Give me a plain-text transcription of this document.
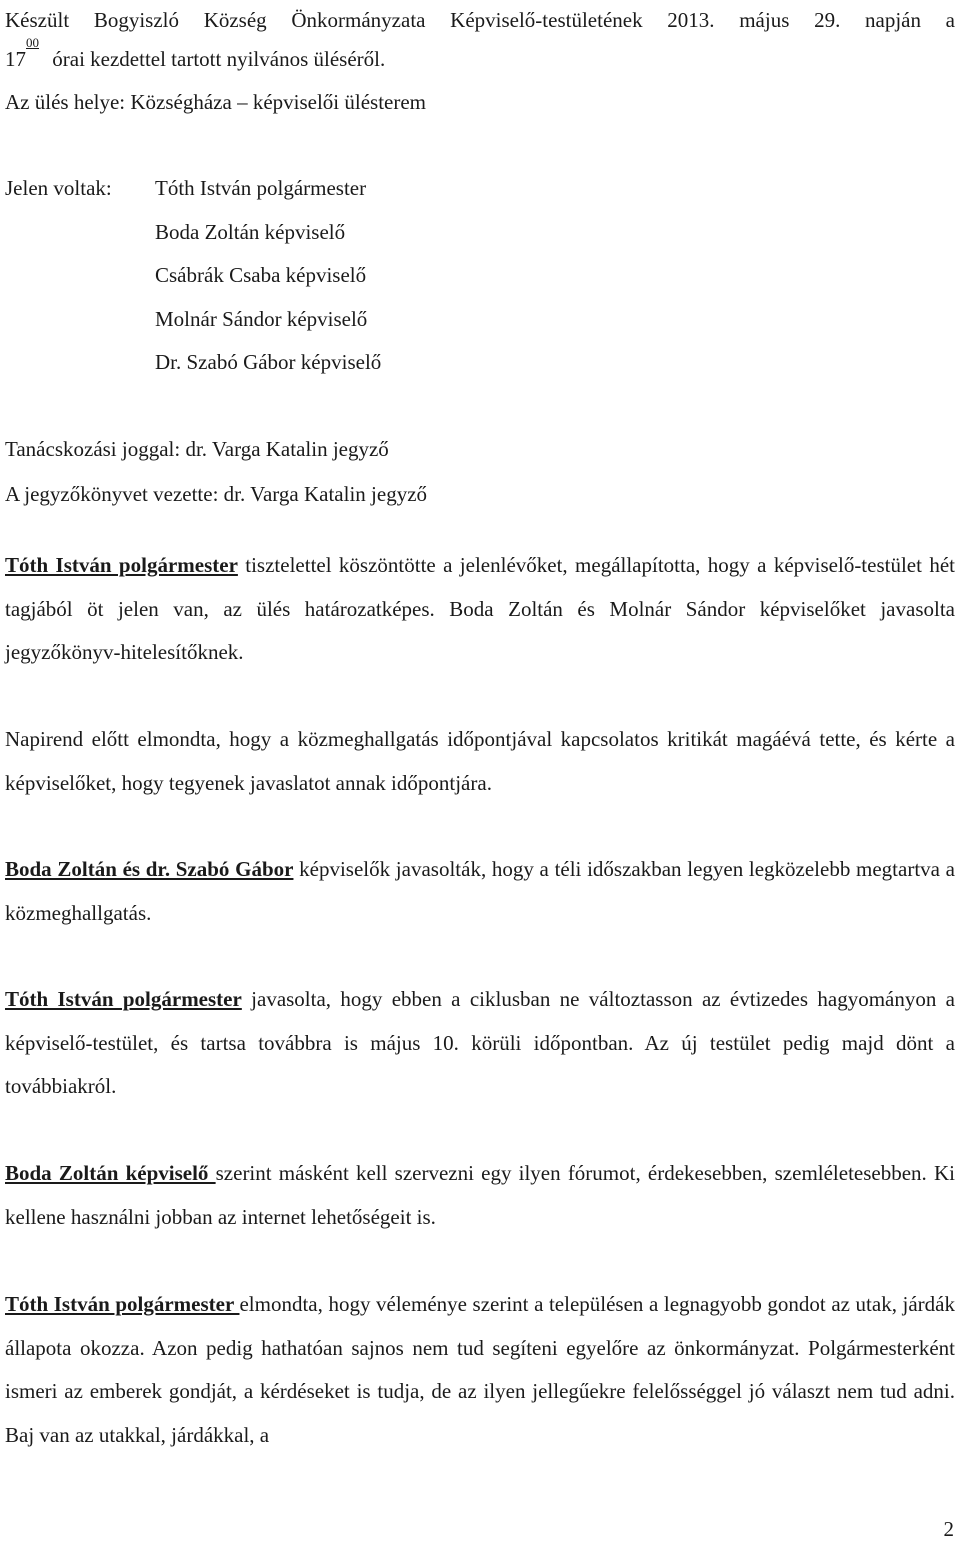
Készült Bogyiszló Község Önkormányzata Képviselő-testületének 2013. május 29. napján a
$17^{00}$ órai kezdettel tartott nyilvános üléséről.
Az ülés helye: Községháza – képviselői ülésterem
Jelen voltak: Tóth István polgármester
Boda Zoltán képviselő
Csábrák Csaba képviselő
Molnár Sándor képviselő
Dr. Szabó Gábor képviselő
Tanácskozási joggal: dr. Varga Katalin jegyző
A jegyzőkönyvet vezette: dr. Varga Katalin jegyző
Tóth István polgármester tisztelettel köszöntötte a jelenlévőket, megállapította, hogy a képviselő-testület hét tagjából öt jelen van, az ülés határozatképes. Boda Zoltán és Molnár Sándor képviselőket javasolta jegyzőkönyv-hitelesítőknek.
Napirend előtt elmondta, hogy a közmeghallgatás időpontjával kapcsolatos kritikát magáévá tette, és kérte a képviselőket, hogy tegyenek javaslatot annak időpontjára.
Boda Zoltán és dr. Szabó Gábor képviselők javasolták, hogy a téli időszakban legyen legközelebb megtartva a közmeghallgatás.
Tóth István polgármester javasolta, hogy ebben a ciklusban ne változtasson az évtizedes hagyományon a képviselő-testület, és tartsa továbbra is május 10. körüli időpontban. Az új testület pedig majd dönt a továbbiakról.
Boda Zoltán képviselő szerint másként kell szervezni egy ilyen fórumot, érdekesebben, szemléletesebben. Ki kellene használni jobban az internet lehetőségeit is.
Tóth István polgármester elmondta, hogy véleménye szerint a településen a legnagyobb gondot az utak, járdák állapota okozza. Azon pedig hathatóan sajnos nem tud segíteni egyelőre az önkormányzat. Polgármesterként ismeri az emberek gondját, a kérdéseket is tudja, de az ilyen jellegűekre felelősséggel jó választ nem tud adni. Baj van az utakkal, járdákkal, a
2
